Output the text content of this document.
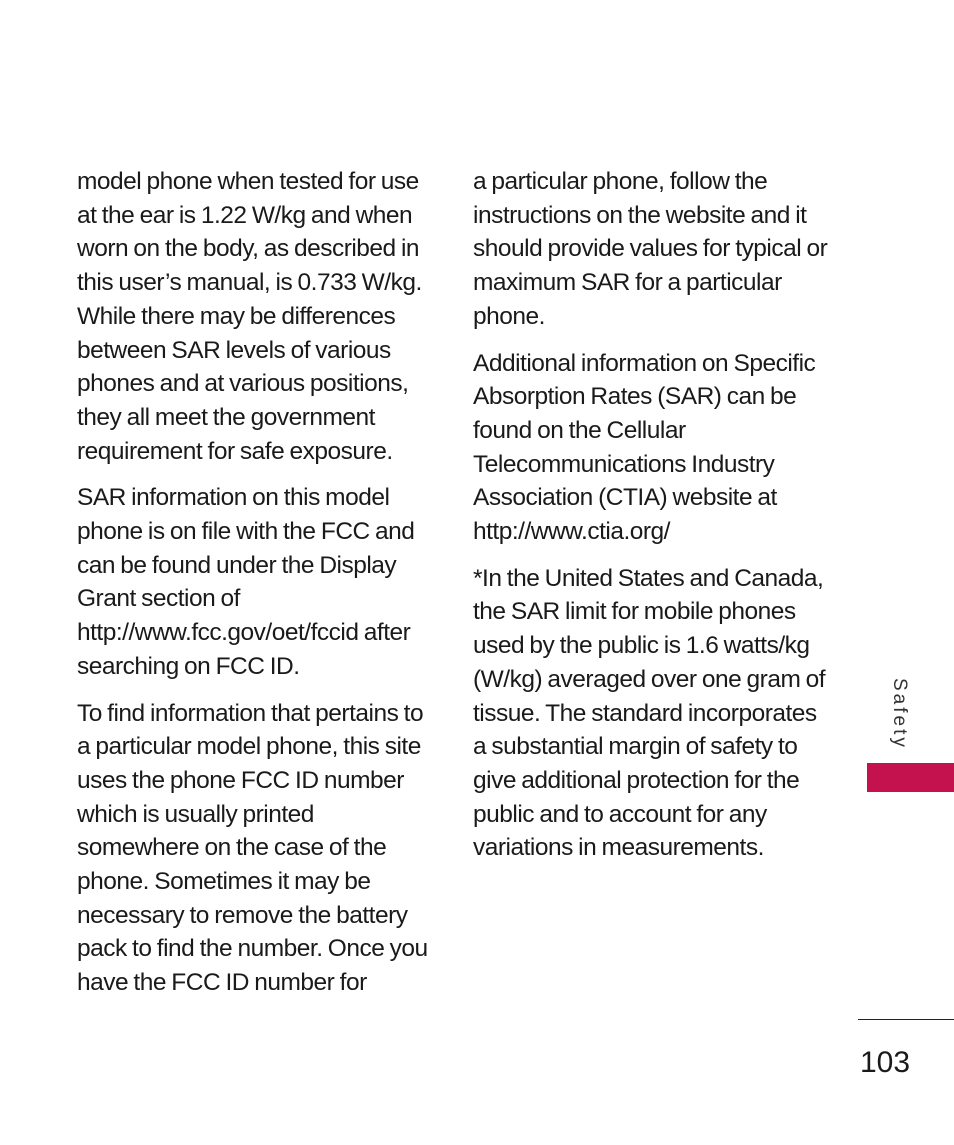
model phone when tested for use at the ear is 1.22 W/kg and when worn on the body, as described in this user’s manual, is 0.733 W/kg. While there may be differences between SAR levels of various phones and at various positions, they all meet the government requirement for safe exposure.

SAR information on this model phone is on file with the FCC and can be found under the Display Grant section of http://www.fcc.gov/oet/fccid after searching on FCC ID.

To find information that pertains to a particular model phone, this site uses the phone FCC ID number which is usually printed somewhere on the case of the phone. Sometimes it may be necessary to remove the battery pack to find the number. Once you have the FCC ID number for

a particular phone, follow the instructions on the website and it should provide values for typical or maximum SAR for a particular phone.

Additional information on Specific Absorption Rates (SAR) can be found on the Cellular Telecommunications Industry Association (CTIA) website at http://www.ctia.org/

*In the United States and Canada, the SAR limit for mobile phones used by the public is 1.6 watts/kg (W/kg) averaged over one gram of tissue. The standard incorporates a substantial margin of safety to give additional protection for the public and to account for any variations in measurements.

Safety
103
